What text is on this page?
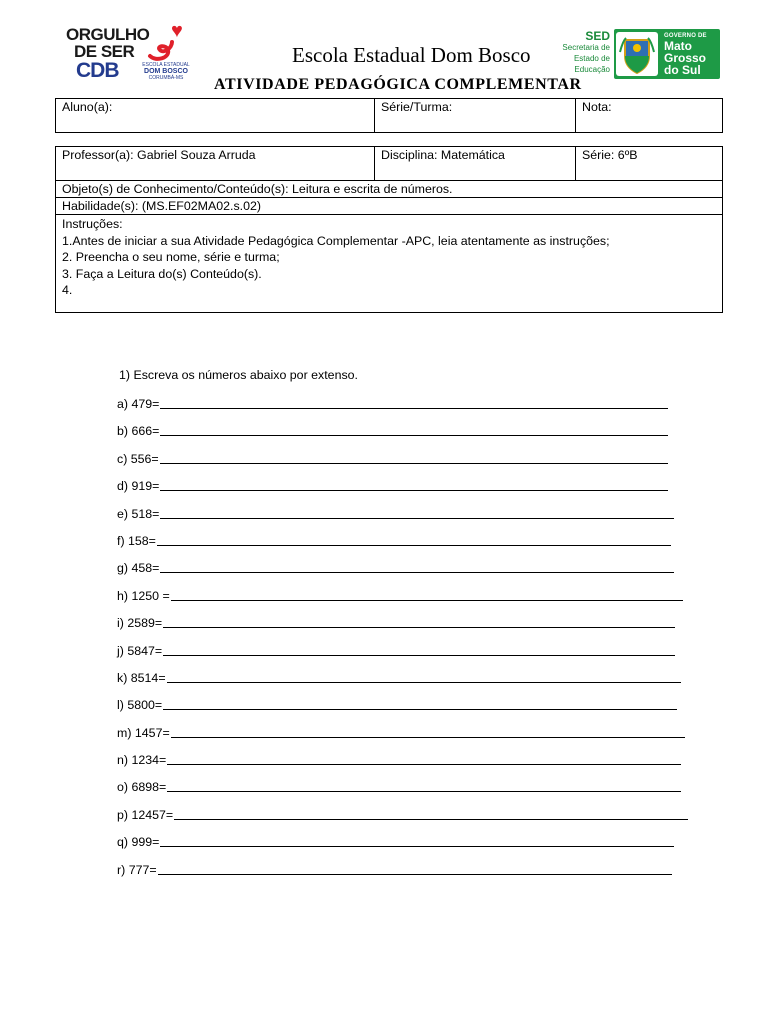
ORGULHO	♥
DE SER
CDB	ESCOLA ESTADUAL
DOM BOSCO
CORUMBÁ-MS
Escola Estadual Dom Bosco
ATIVIDADE PEDAGÓGICA COMPLEMENTAR
SED
Secretaria de
Estado de
Educação
GOVERNO DE
Mato
Grosso
do Sul
Aluno(a):	Série/Turma:	Nota:
Professor(a): Gabriel Souza Arruda	Disciplina: Matemática	Série: 6ºB
Objeto(s) de Conhecimento/Conteúdo(s): Leitura e escrita de números.
Habilidade(s): (MS.EF02MA02.s.02)

Instruções:
1.Antes de iniciar a sua Atividade Pedagógica Complementar -APC, leia atentamente as instruções;
2. Preencha o seu nome, série e turma;
3. Faça a Leitura do(s) Conteúdo(s).
4.
1) Escreva os números abaixo por extenso.
a) 479=
b) 666=
c) 556=
d) 919=
e) 518=
f) 158=
g) 458=
h) 1250 =
i) 2589=
j) 5847=
k) 8514=
l) 5800=
m) 1457=
n) 1234=
o) 6898=
p) 12457=
q) 999=
r) 777=
